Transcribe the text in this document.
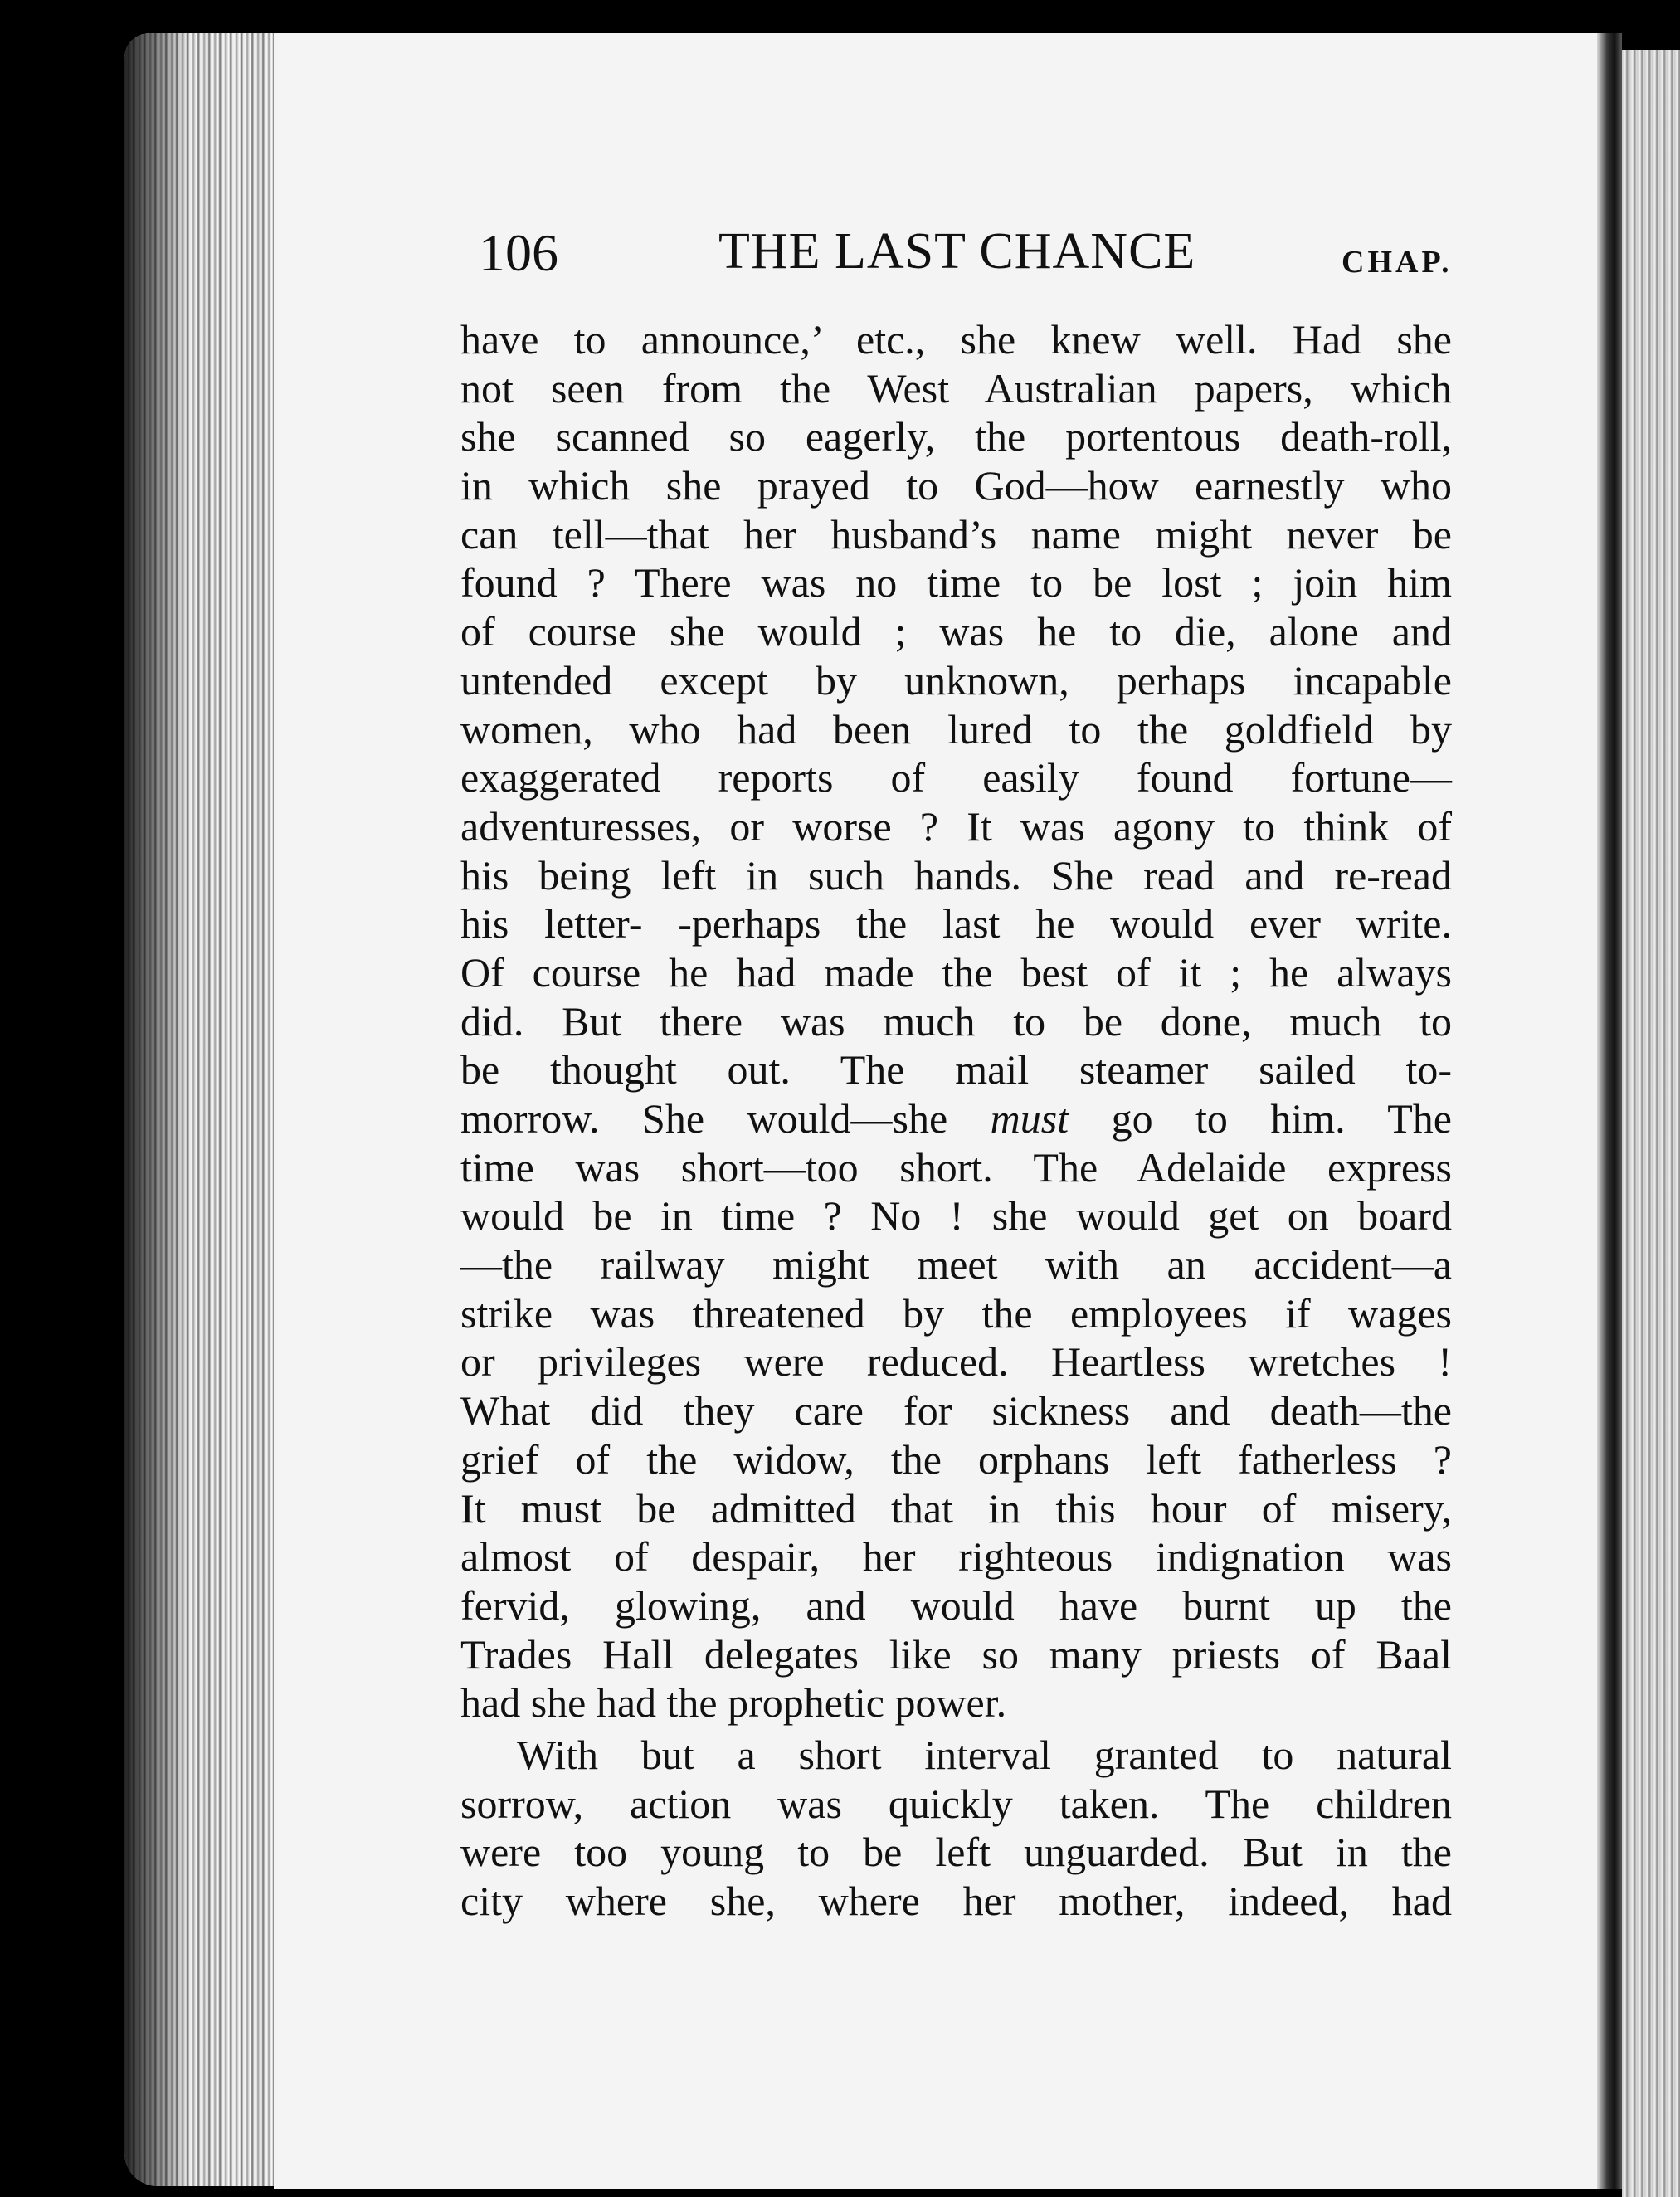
106	THE LAST CHANCE	CHAP.
have to announce,’ etc., she knew well. Had she
not seen from the West Australian papers, which
she scanned so eagerly, the portentous death-roll,
in which she prayed to God—how earnestly who
can tell—that her husband’s name might never be
found ? There was no time to be lost ; join him
of course she would ; was he to die, alone and
untended except by unknown, perhaps incapable
women, who had been lured to the goldfield by
exaggerated reports of easily found fortune—
adventuresses, or worse ? It was agony to think of
his being left in such hands. She read and re-read
his letter- -perhaps the last he would ever write.
Of course he had made the best of it ; he always
did. But there was much to be done, much to
be thought out. The mail steamer sailed to-
morrow. She would—she must go to him. The
time was short—too short. The Adelaide express
would be in time ? No ! she would get on board
—the railway might meet with an accident—a
strike was threatened by the employees if wages
or privileges were reduced. Heartless wretches !
What did they care for sickness and death—the
grief of the widow, the orphans left fatherless ?
It must be admitted that in this hour of misery,
almost of despair, her righteous indignation was
fervid, glowing, and would have burnt up the
Trades Hall delegates like so many priests of Baal
had she had the prophetic power.
With but a short interval granted to natural
sorrow, action was quickly taken. The children
were too young to be left unguarded. But in the
city where she, where her mother, indeed, had
